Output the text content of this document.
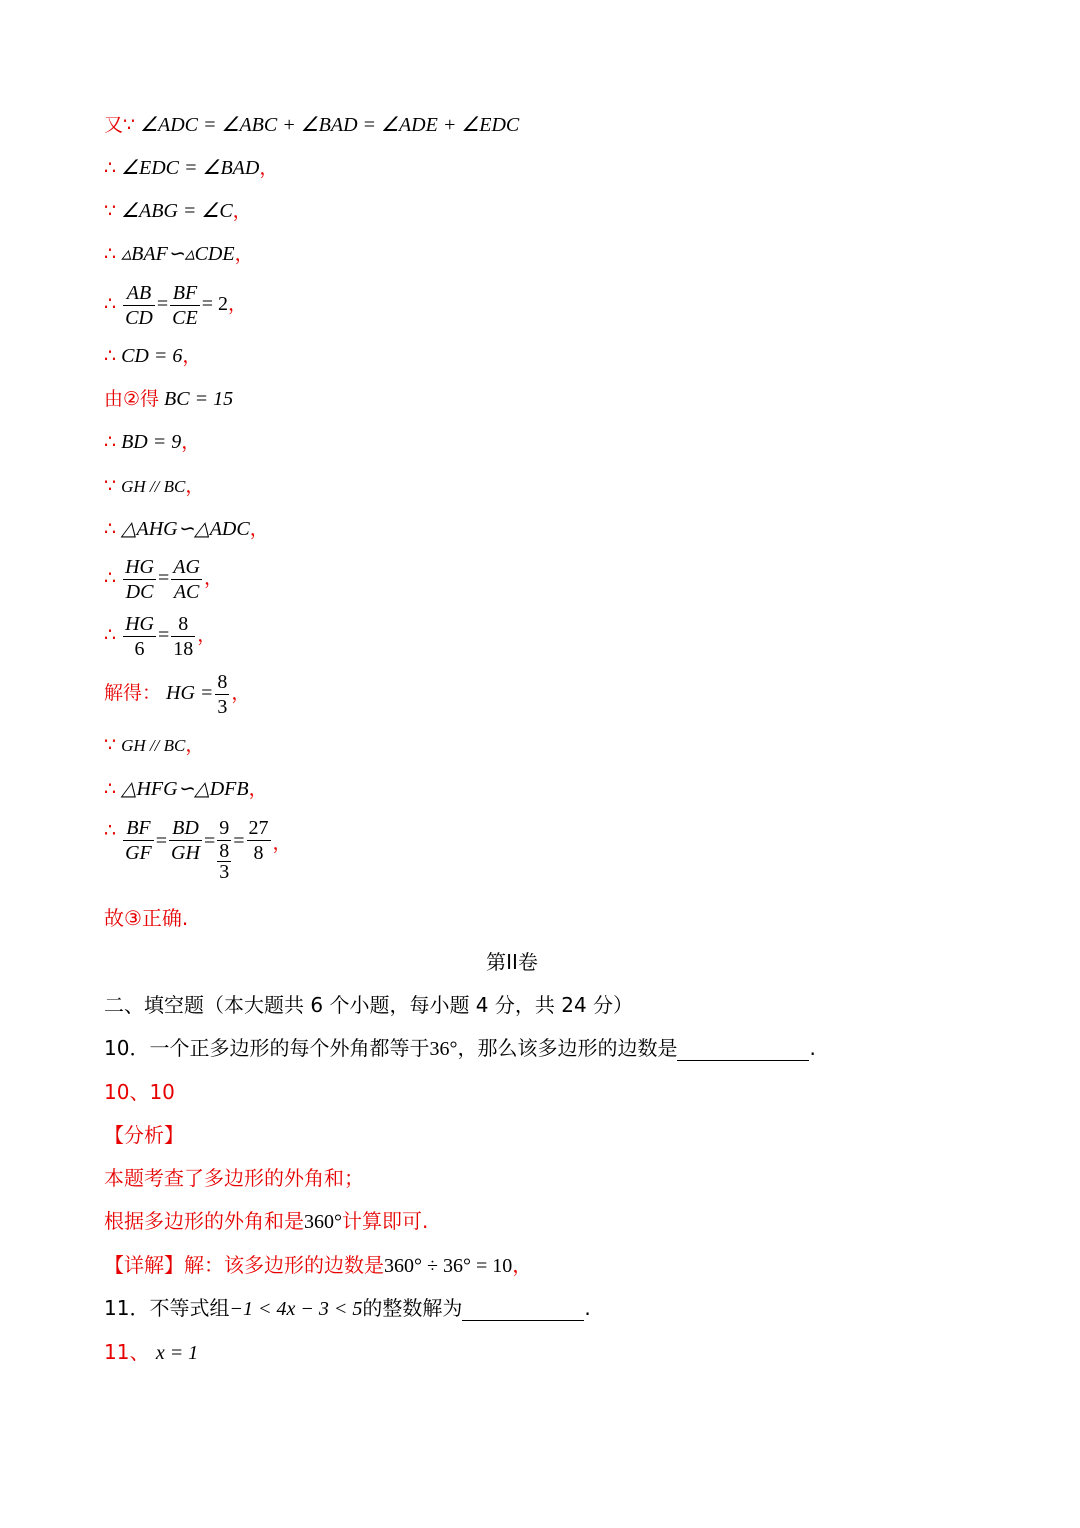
又∵ ∠ADC = ∠ABC + ∠BAD = ∠ADE + ∠EDC
∴ ∠EDC = ∠BAD，
∵ ∠ABG = ∠C，
∴ ▵BAF∽▵CDE，
∴ $\frac{AB}{CD} = \frac{BF}{CE} = 2$，
∴ CD = 6，
由②得 BC = 15
∴ BD = 9，
∵ GH // BC，
∴ △AHG∽△ADC，
∴ $\frac{HG}{DC} = \frac{AG}{AC}$ ，
∴ $\frac{HG}{6} = \frac{8}{18}$ ，
解得： HG = $\frac{8}{3}$ ，
∵ GH // BC，
∴ △HFG∽△DFB，
∴ $\frac{BF}{GF} = \frac{BD}{GH} = \frac{9}{\frac{8}{3}} = \frac{27}{8}$ ，
故③正确.
第II卷
二、填空题（本大题共 6 个小题，每小题 4 分，共 24 分）
10．一个正多边形的每个外角都等于36°，那么该多边形的边数是	.
10、10
【分析】
本题考查了多边形的外角和；
根据多边形的外角和是360°计算即可.
【详解】解：该多边形的边数是360° ÷ 36° = 10，
11．不等式组−1 < 4x − 3 < 5的整数解为	.
11、 x = 1
